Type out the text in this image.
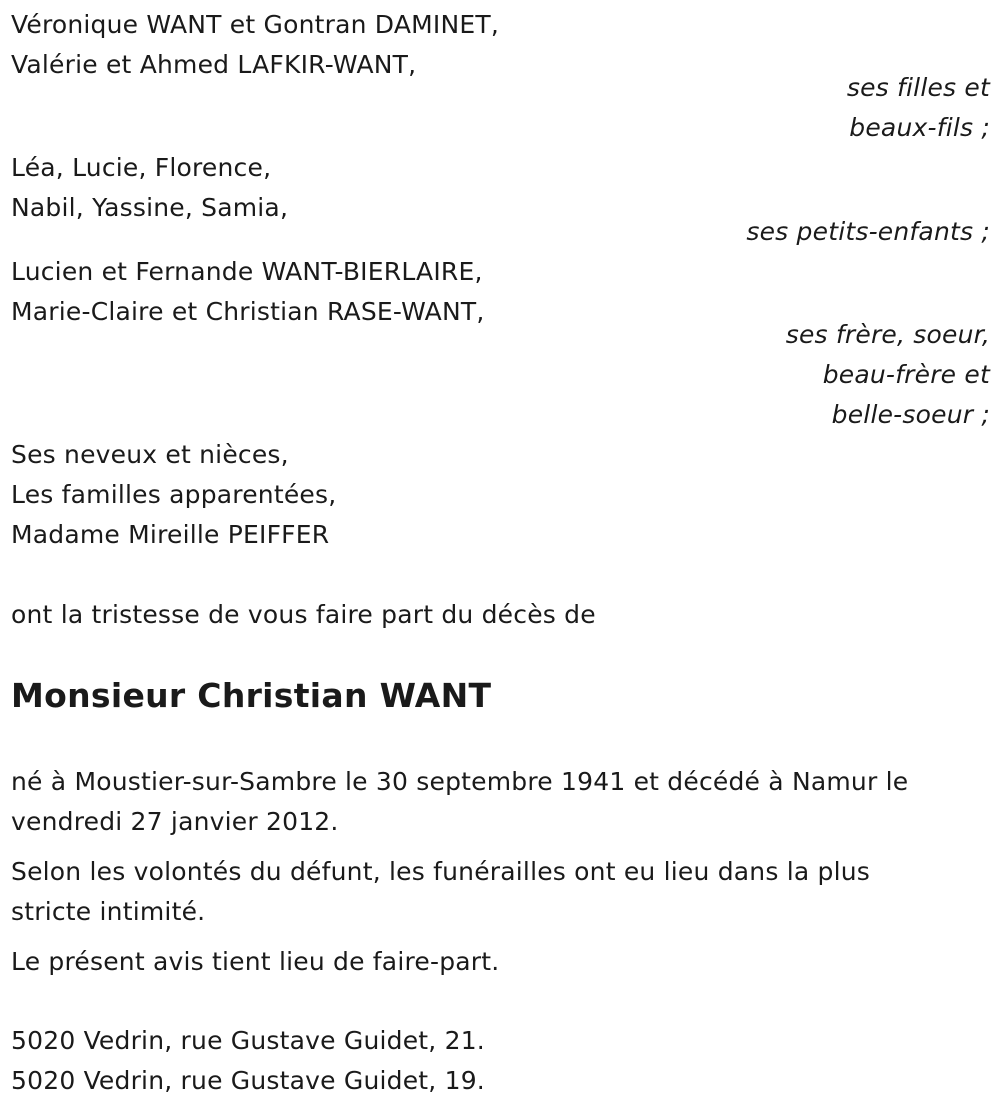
Véronique WANT et Gontran DAMINET,
Valérie et Ahmed LAFKIR-WANT,
ses filles et
beaux-fils ;
Léa, Lucie, Florence,
Nabil, Yassine, Samia,
ses petits-enfants ;
Lucien et Fernande WANT-BIERLAIRE,
Marie-Claire et Christian RASE-WANT,
ses frère, soeur,
beau-frère et
belle-soeur ;
Ses neveux et nièces,
Les familles apparentées,
Madame Mireille PEIFFER
ont la tristesse de vous faire part du décès de
Monsieur Christian WANT
né à Moustier-sur-Sambre le 30 septembre 1941 et décédé à Namur le
vendredi 27 janvier 2012.
Selon les volontés du défunt, les funérailles ont eu lieu dans la plus
stricte intimité.
Le présent avis tient lieu de faire-part.
5020 Vedrin, rue Gustave Guidet, 21.
5020 Vedrin, rue Gustave Guidet, 19.
